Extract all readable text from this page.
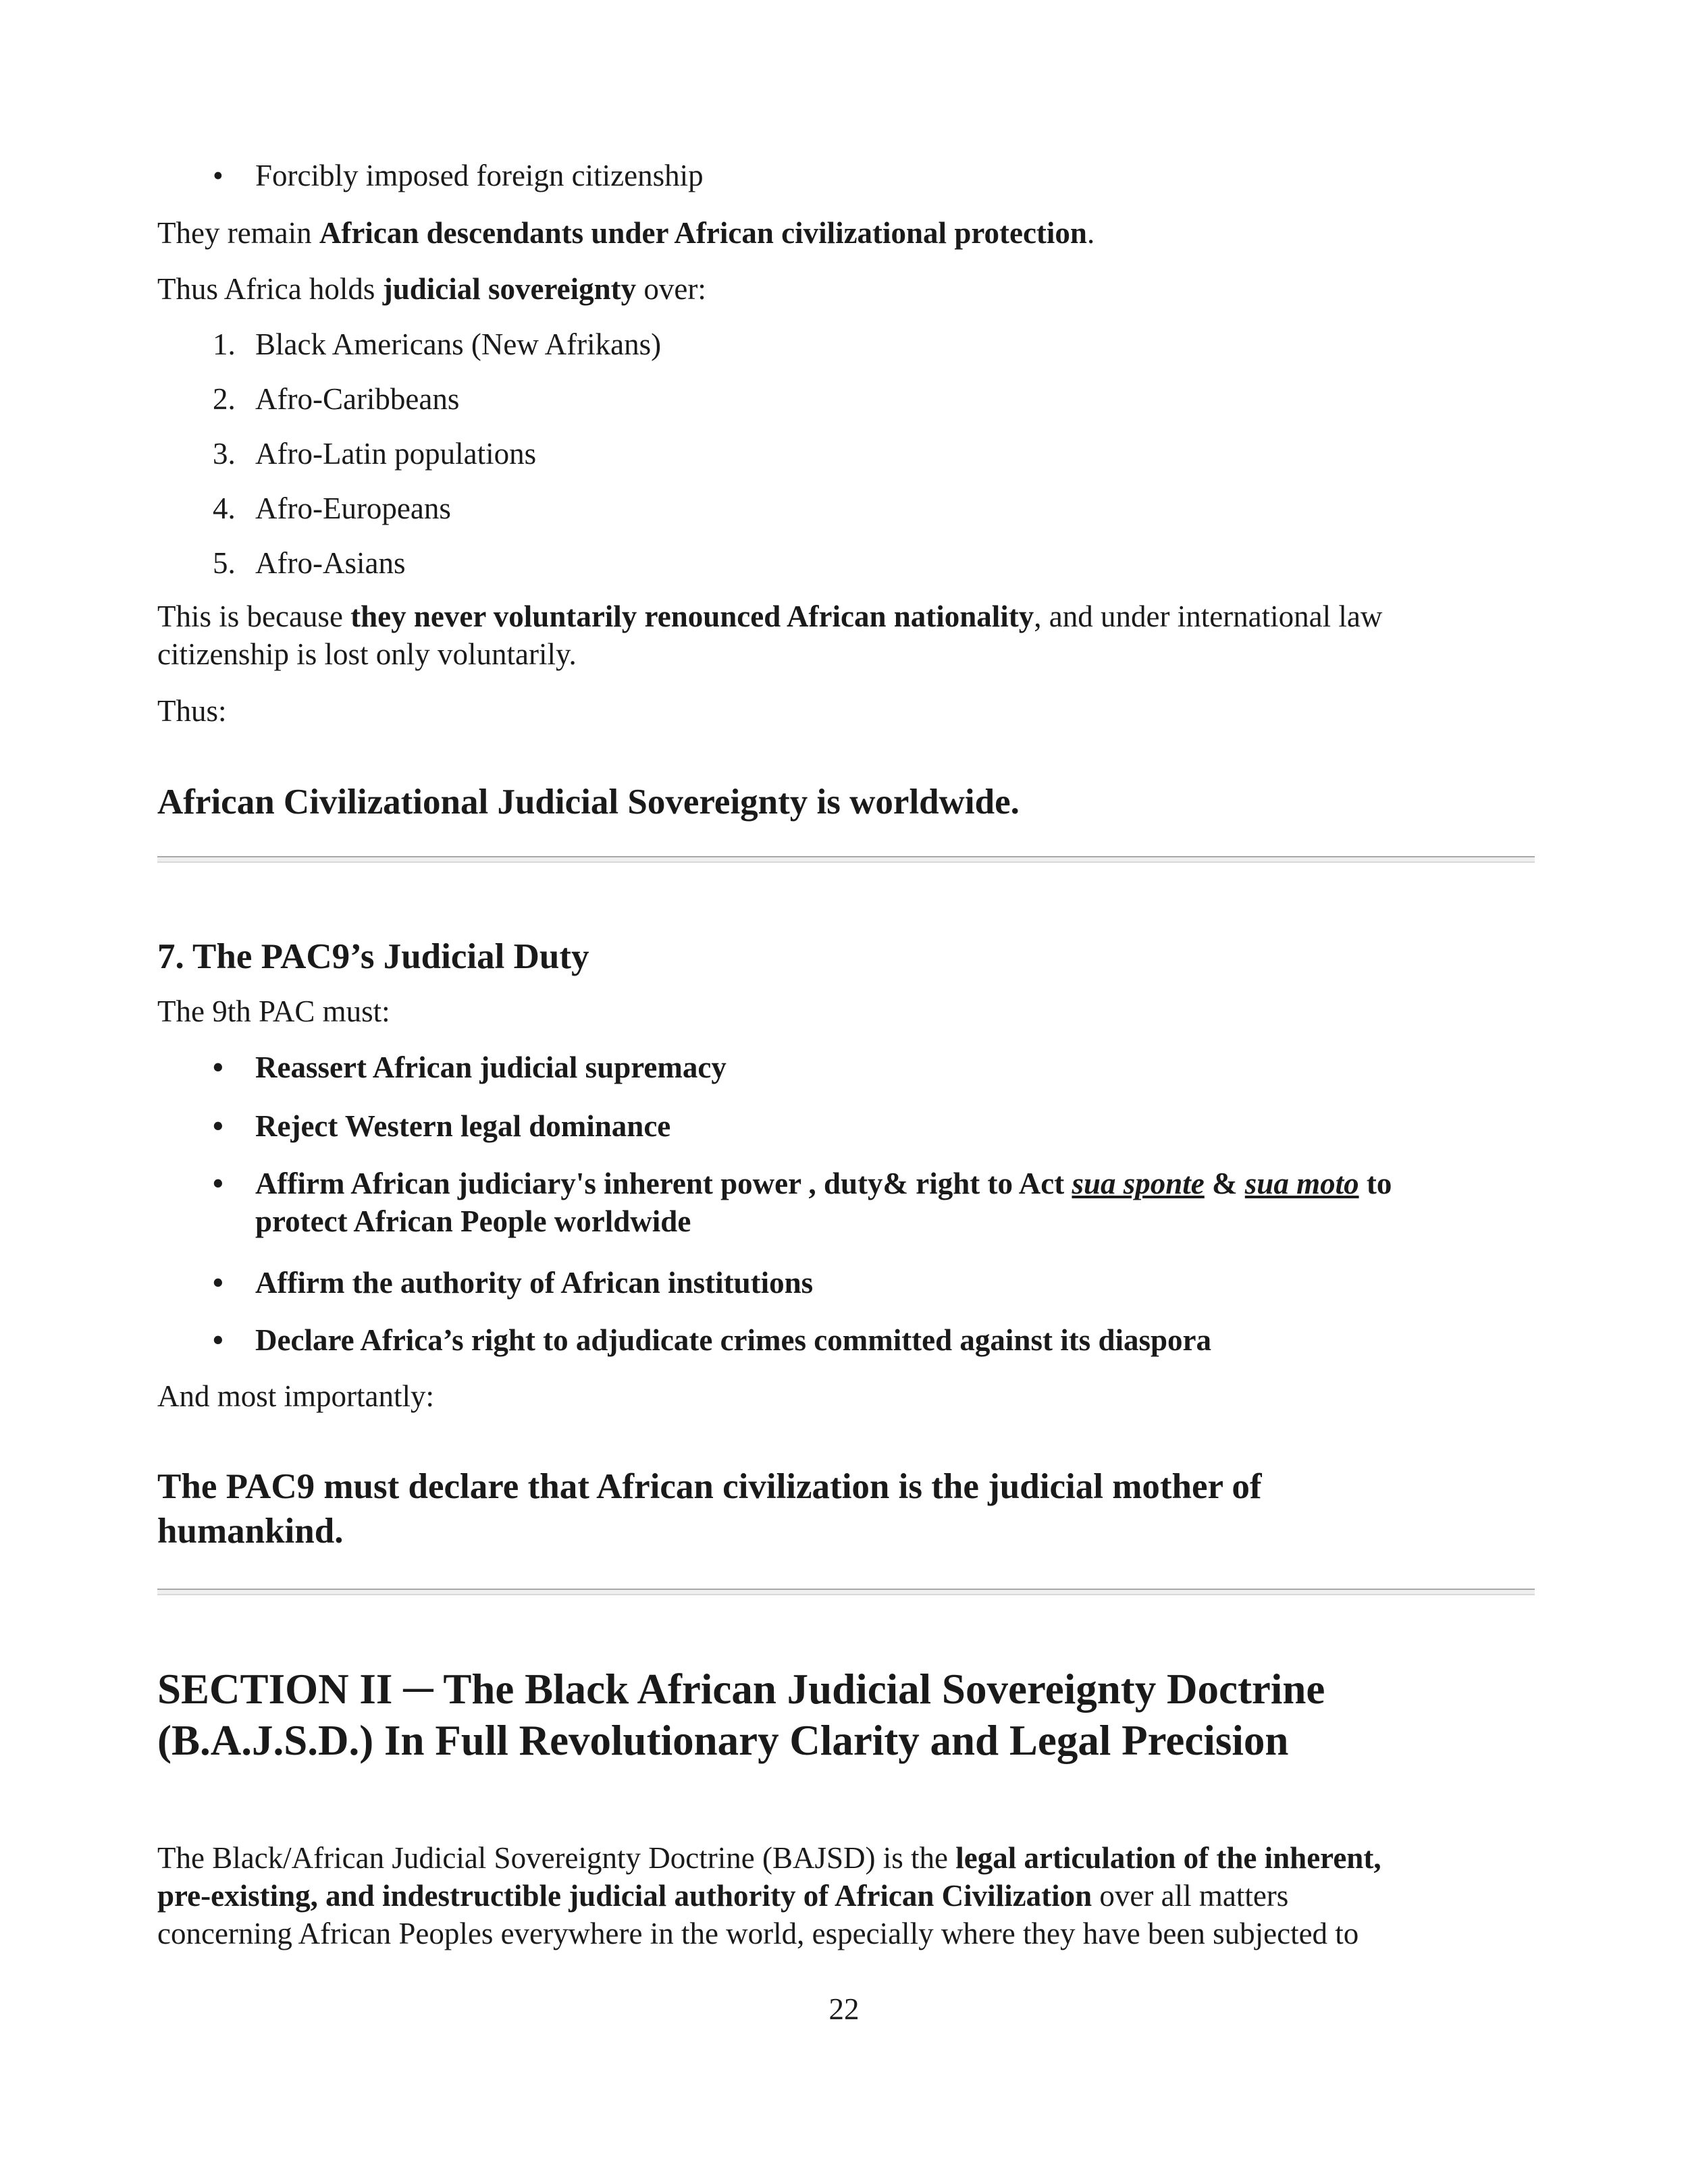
•	Forcibly imposed foreign citizenship

They remain African descendants under African civilizational protection.

Thus Africa holds judicial sovereignty over:

1. Black Americans (New Afrikans)
2. Afro-Caribbeans
3. Afro-Latin populations
4. Afro-Europeans
5. Afro-Asians

This is because they never voluntarily renounced African nationality, and under international law
citizenship is lost only voluntarily.

Thus:

African Civilizational Judicial Sovereignty is worldwide.
7. The PAC9’s Judicial Duty

The 9th PAC must:

•	Reassert African judicial supremacy
•	Reject Western legal dominance
•	Affirm African judiciary's inherent power , duty& right to Act sua sponte & sua moto to
protect African People worldwide
•	Affirm the authority of African institutions
•	Declare Africa’s right to adjudicate crimes committed against its diaspora

And most importantly:

The PAC9 must declare that African civilization is the judicial mother of
humankind.
SECTION II ─ The Black African Judicial Sovereignty Doctrine
(B.A.J.S.D.) In Full Revolutionary Clarity and Legal Precision

The Black/African Judicial Sovereignty Doctrine (BAJSD) is the legal articulation of the inherent,
pre-existing, and indestructible judicial authority of African Civilization over all matters
concerning African Peoples everywhere in the world, especially where they have been subjected to

22
